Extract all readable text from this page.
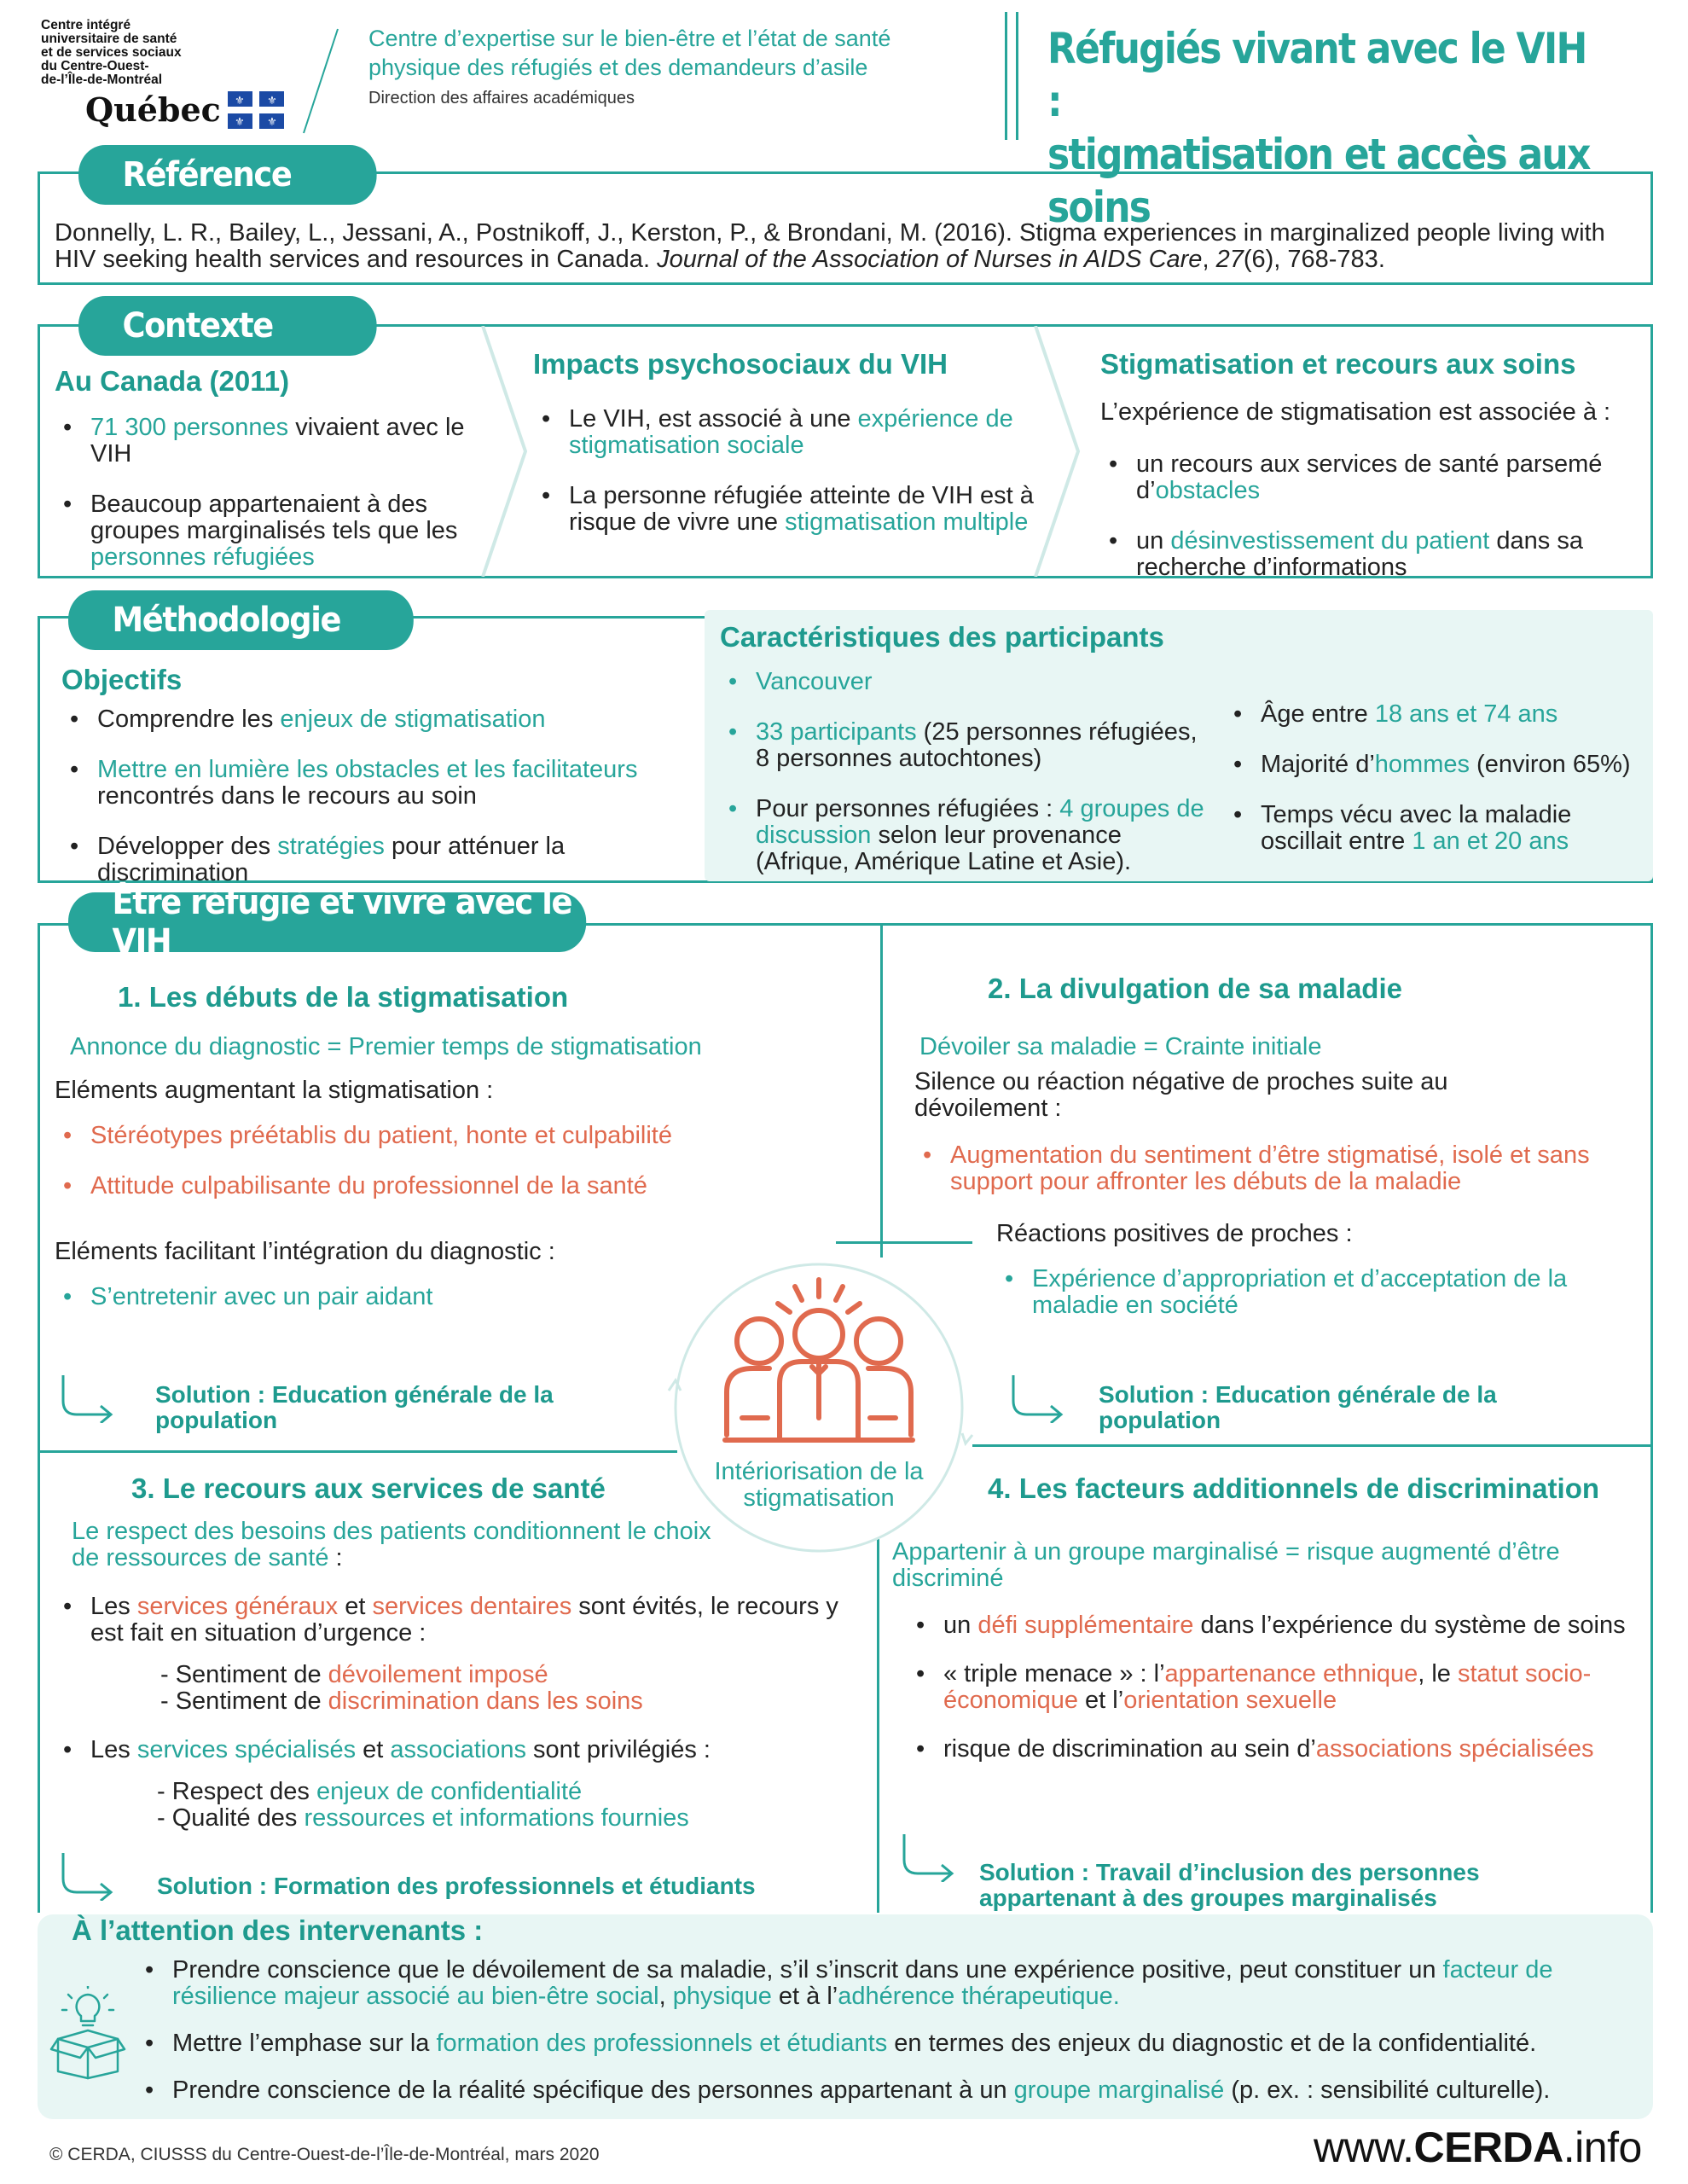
Centre intégré
universitaire de santé
et de services sociaux
du Centre-Ouest-
de-l’Île-de-Montréal
Québec ⚜ ⚜
⚜ ⚜
Centre d’expertise sur le bien-être et l’état de santé
physique des réfugiés et des demandeurs d’asile
Direction des affaires académiques
Réfugiés vivant avec le VIH :
stigmatisation et accès aux soins
Référence
Donnelly, L. R., Bailey, L., Jessani, A., Postnikoff, J., Kerston, P., & Brondani, M. (2016). Stigma experiences in marginalized people living with HIV seeking health services and resources in Canada. Journal of the Association of Nurses in AIDS Care, 27(6), 768-783.
Contexte
Au Canada (2011)
• 71 300 personnes vivaient avec le VIH
• Beaucoup appartenaient à des groupes marginalisés tels que les personnes réfugiées
Impacts psychosociaux du VIH
• Le VIH, est associé à une expérience de stigmatisation sociale
• La personne réfugiée atteinte de VIH est à risque de vivre une stigmatisation multiple
Stigmatisation et recours aux soins
L’expérience de stigmatisation est associée à :
• un recours aux services de santé parsemé d’obstacles
• un désinvestissement du patient dans sa recherche d’informations
Méthodologie
Objectifs
• Comprendre les enjeux de stigmatisation
• Mettre en lumière les obstacles et les facilitateurs rencontrés dans le recours au soin
• Développer des stratégies pour atténuer la discrimination
Caractéristiques des participants
• Vancouver
• 33 participants (25 personnes réfugiées, 8 personnes autochtones)
• Pour personnes réfugiées : 4 groupes de discussion selon leur provenance (Afrique, Amérique Latine et Asie).
• Âge entre 18 ans et 74 ans
• Majorité d’hommes (environ 65%)
• Temps vécu avec la maladie oscillait entre 1 an et 20 ans
Être réfugié et vivre avec le VIH
Intériorisation de la stigmatisation
1. Les débuts de la stigmatisation
Annonce du diagnostic = Premier temps de stigmatisation
Eléments augmentant la stigmatisation :
• Stéréotypes préétablis du patient, honte et culpabilité
• Attitude culpabilisante du professionnel de la santé
Eléments facilitant l’intégration du diagnostic :
• S’entretenir avec un pair aidant
Solution : Education générale de la population
2. La divulgation de sa maladie
Dévoiler sa maladie = Crainte initiale
Silence ou réaction négative de proches suite au dévoilement :
• Augmentation du sentiment d’être stigmatisé, isolé et sans support pour affronter les débuts de la maladie
Réactions positives de proches :
• Expérience d’appropriation et d’acceptation de la maladie en société
Solution : Education générale de la population
3. Le recours aux services de santé
Le respect des besoins des patients conditionnent le choix de ressources de santé :
• Les services généraux et services dentaires sont évités, le recours y est fait en situation d’urgence :
- Sentiment de dévoilement imposé
- Sentiment de discrimination dans les soins
• Les services spécialisés et associations sont privilégiés :
- Respect des enjeux de confidentialité
- Qualité des ressources et informations fournies
Solution : Formation des professionnels et étudiants
4. Les facteurs additionnels de discrimination
Appartenir à un groupe marginalisé = risque augmenté d’être discriminé
• un défi supplémentaire dans l’expérience du système de soins
• « triple menace » : l’appartenance ethnique, le statut socio-économique et l’orientation sexuelle
• risque de discrimination au sein d’associations spécialisées
Solution : Travail d’inclusion des personnes appartenant à des groupes marginalisés
À l’attention des intervenants :
• Prendre conscience que le dévoilement de sa maladie, s’il s’inscrit dans une expérience positive, peut constituer un facteur de résilience majeur associé au bien-être social, physique et à l’adhérence thérapeutique.
• Mettre l’emphase sur la formation des professionnels et étudiants en termes des enjeux du diagnostic et de la confidentialité.
• Prendre conscience de la réalité spécifique des personnes appartenant à un groupe marginalisé (p. ex. : sensibilité culturelle).
© CERDA, CIUSSS du Centre-Ouest-de-l’Île-de-Montréal, mars 2020	www.CERDA.info
